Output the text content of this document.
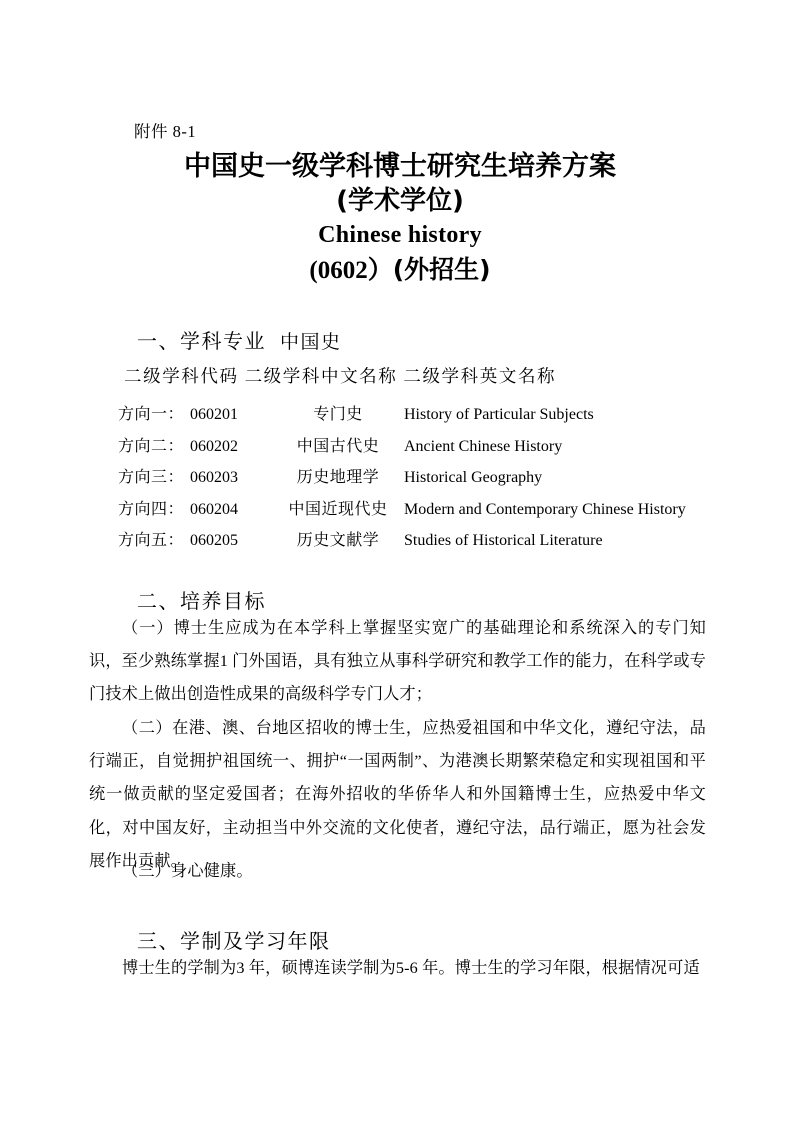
附件 8-1
中国史一级学科博士研究生培养方案
(学术学位)
Chinese history
(0602）(外招生)
一、学科专业 中国史
二级学科代码 二级学科中文名称 二级学科英文名称
方向一： 060201	专门史	History of Particular Subjects
方向二： 060202	中国古代史 Ancient Chinese History
方向三： 060203	历史地理学 Historical Geography
方向四： 060204	中国近现代史 Modern and Contemporary Chinese History
方向五： 060205	历史文献学 Studies of Historical Literature
二、培养目标
（一）博士生应成为在本学科上掌握坚实宽广的基础理论和系统深入的专门知识，至少熟练掌握1 门外国语，具有独立从事科学研究和教学工作的能力，在科学或专门技术上做出创造性成果的高级科学专门人才；
（二）在港、澳、台地区招收的博士生，应热爱祖国和中华文化，遵纪守法，品行端正，自觉拥护祖国统一、拥护“一国两制”、为港澳长期繁荣稳定和实现祖国和平统一做贡献的坚定爱国者；在海外招收的华侨华人和外国籍博士生，应热爱中华文化，对中国友好，主动担当中外交流的文化使者，遵纪守法，品行端正，愿为社会发展作出贡献。
（三）身心健康。
三、学制及学习年限
博士生的学制为3 年，硕博连读学制为5-6 年。博士生的学习年限，根据情况可适
